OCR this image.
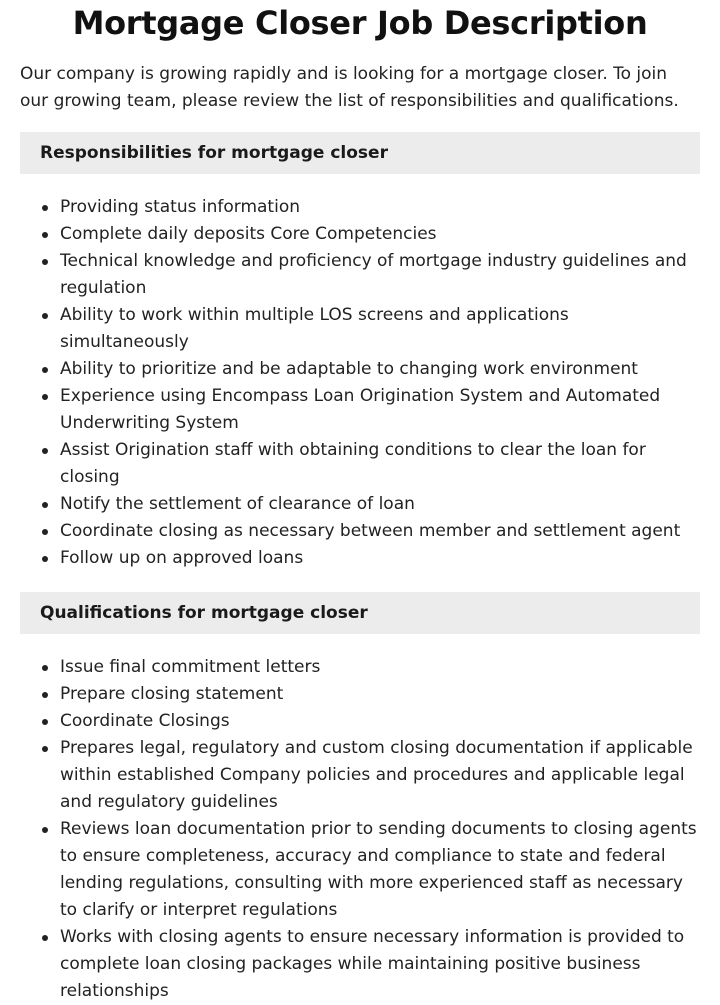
Mortgage Closer Job Description

Our company is growing rapidly and is looking for a mortgage closer. To join our growing team, please review the list of responsibilities and qualifications.

Responsibilities for mortgage closer
Providing status information
Complete daily deposits Core Competencies
Technical knowledge and proficiency of mortgage industry guidelines and regulation
Ability to work within multiple LOS screens and applications simultaneously
Ability to prioritize and be adaptable to changing work environment
Experience using Encompass Loan Origination System and Automated Underwriting System
Assist Origination staff with obtaining conditions to clear the loan for closing
Notify the settlement of clearance of loan
Coordinate closing as necessary between member and settlement agent
Follow up on approved loans
Qualifications for mortgage closer
Issue final commitment letters
Prepare closing statement
Coordinate Closings
Prepares legal, regulatory and custom closing documentation if applicable within established Company policies and procedures and applicable legal and regulatory guidelines
Reviews loan documentation prior to sending documents to closing agents to ensure completeness, accuracy and compliance to state and federal lending regulations, consulting with more experienced staff as necessary to clarify or interpret regulations
Works with closing agents to ensure necessary information is provided to complete loan closing packages while maintaining positive business relationships
